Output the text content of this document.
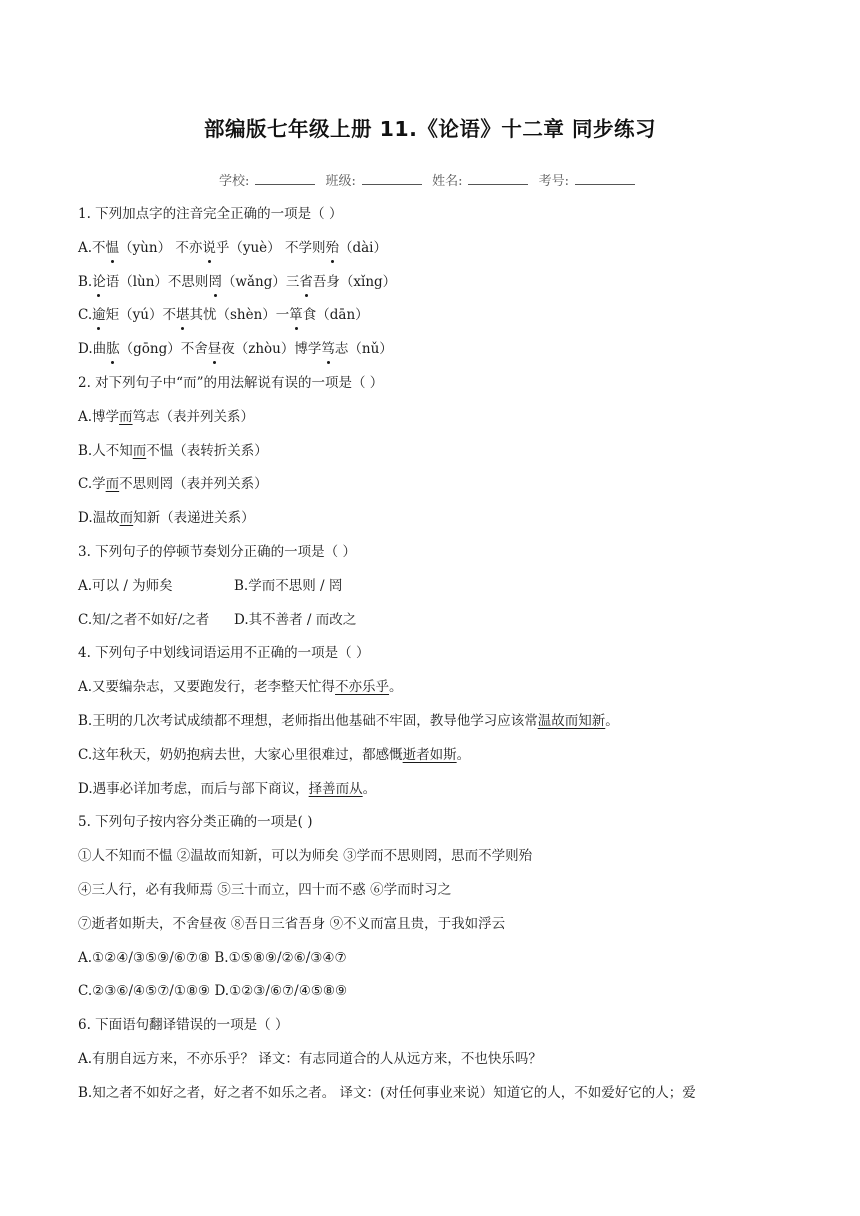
部编版七年级上册 11.《论语》十二章 同步练习
学校:	班级:	姓名:	考号:
1. 下列加点字的注音完全正确的一项是（ ）
A.不愠（yùn） 不亦说乎（yuè） 不学则殆（dài）
B.论语（lùn）不思则罔（wǎng）三省吾身（xǐng）
C.逾矩（yú）不堪其忧（shèn）一箪食（dān）
D.曲肱（gōng）不舍昼夜（zhòu）博学笃志（nǔ）
2. 对下列句子中“而”的用法解说有误的一项是（ ）
A.博学而笃志（表并列关系）
B.人不知而不愠（表转折关系）
C.学而不思则罔（表并列关系）
D.温故而知新（表递进关系）
3. 下列句子的停顿节奏划分正确的一项是（ ）
A.可以 / 为师矣	B.学而不思则 / 罔
C.知/之者不如好/之者 D.其不善者 / 而改之
4. 下列句子中划线词语运用不正确的一项是（ ）
A.又要编杂志，又要跑发行，老李整天忙得不亦乐乎。
B.王明的几次考试成绩都不理想，老师指出他基础不牢固，教导他学习应该常温故而知新。
C.这年秋天，奶奶抱病去世，大家心里很难过，都感慨逝者如斯。
D.遇事必详加考虑，而后与部下商议，择善而从。
5. 下列句子按内容分类正确的一项是( )
①人不知而不愠 ②温故而知新，可以为师矣 ③学而不思则罔，思而不学则殆
④三人行，必有我师焉 ⑤三十而立，四十而不惑 ⑥学而时习之
⑦逝者如斯夫，不舍昼夜 ⑧吾日三省吾身 ⑨不义而富且贵，于我如浮云
A.①②④/③⑤⑨/⑥⑦⑧ B.①⑤⑧⑨/②⑥/③④⑦
C.②③⑥/④⑤⑦/①⑧⑨ D.①②③/⑥⑦/④⑤⑧⑨
6. 下面语句翻译错误的一项是（ ）
A.有朋自远方来，不亦乐乎？ 译文：有志同道合的人从远方来，不也快乐吗？
B.知之者不如好之者，好之者不如乐之者。 译文：(对任何事业来说）知道它的人，不如爱好它的人；爱
